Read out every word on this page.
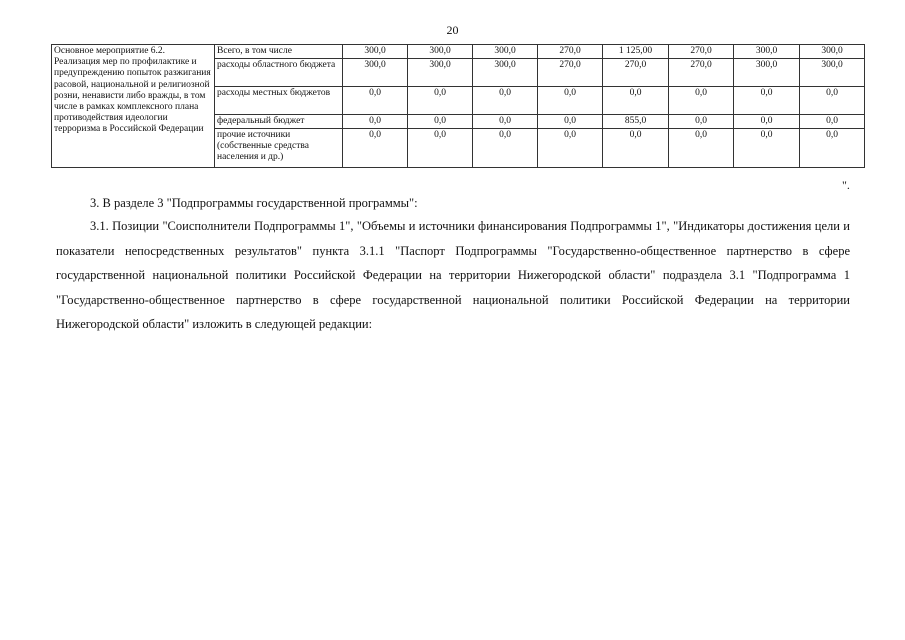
20
Основное мероприятие 6.2. Реализация мер по профилактике и предупреждению попыток разжигания расовой, национальной и религиозной розни, ненависти либо вражды, в том числе в рамках комплексного плана противодействия идеологии терроризма в Российской Федерации	Всего, в том числе	300,0	300,0	300,0	270,0	1 125,00	270,0	300,0	300,0
	расходы областного бюджета	300,0	300,0	300,0	270,0	270,0	270,0	300,0	300,0
	расходы местных бюджетов	0,0	0,0	0,0	0,0	0,0	0,0	0,0	0,0
	федеральный бюджет	0,0	0,0	0,0	0,0	855,0	0,0	0,0	0,0
	прочие источники (собственные средства населения и др.)	0,0	0,0	0,0	0,0	0,0	0,0	0,0	0,0
".

3. В разделе 3 "Подпрограммы государственной программы":

3.1. Позиции "Соисполнители Подпрограммы 1", "Объемы и источники финансирования Подпрограммы 1", "Индикаторы достижения цели и показатели непосредственных результатов" пункта 3.1.1 "Паспорт Подпрограммы "Государственно-общественное партнерство в сфере государственной национальной политики Российской Федерации на территории Нижегородской области" подраздела 3.1 "Подпрограмма 1 "Государственно-общественное партнерство в сфере государственной национальной политики Российской Федерации на территории Нижегородской области" изложить в следующей редакции:
